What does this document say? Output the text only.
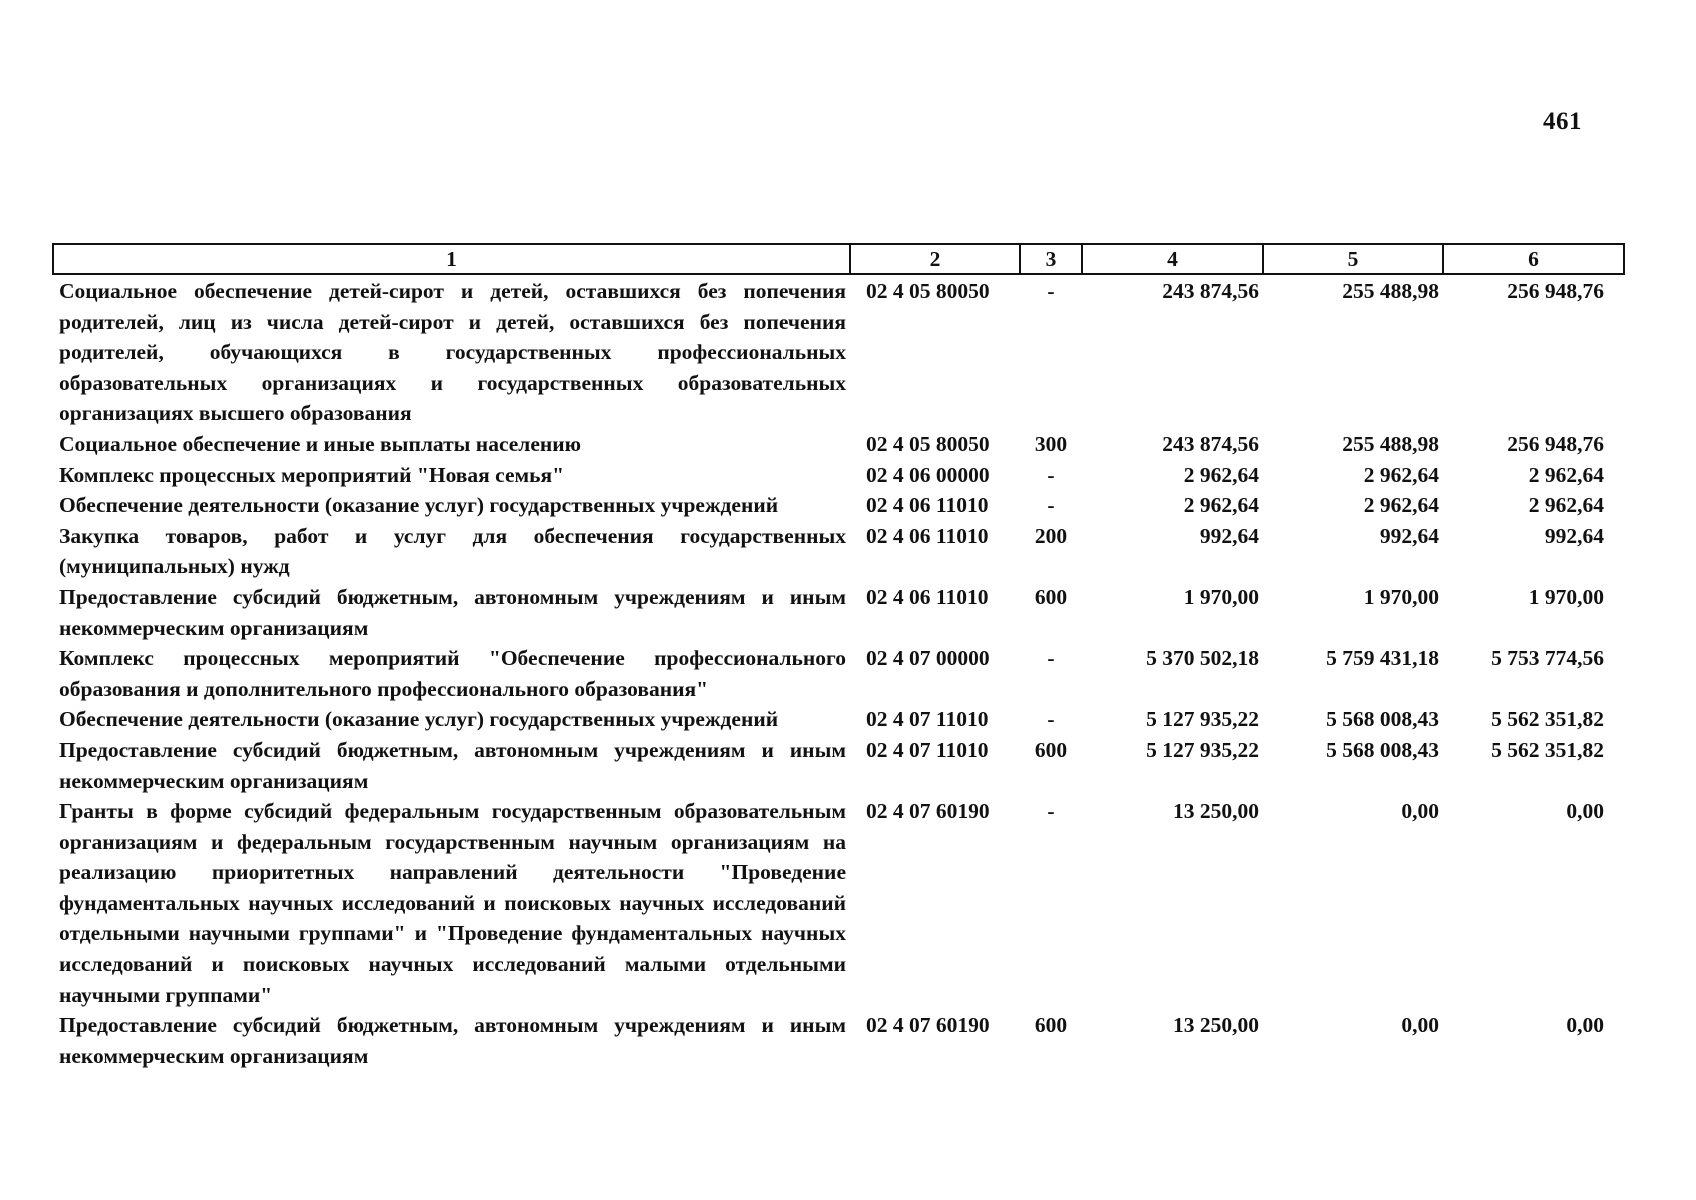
461
1	2	3	4	5	6
Социальное обеспечение детей-сирот и детей, оставшихся без попечения родителей, лиц из числа детей-сирот и детей, оставшихся без попечения родителей, обучающихся в государственных профессиональных образовательных организациях и государственных образовательных организациях высшего образования	02 4 05 80050	-	243 874,56	255 488,98	256 948,76
Социальное обеспечение и иные выплаты населению	02 4 05 80050	300	243 874,56	255 488,98	256 948,76
Комплекс процессных мероприятий "Новая семья"	02 4 06 00000	-	2 962,64	2 962,64	2 962,64
Обеспечение деятельности (оказание услуг) государственных учреждений	02 4 06 11010	-	2 962,64	2 962,64	2 962,64
Закупка товаров, работ и услуг для обеспечения государственных (муниципальных) нужд	02 4 06 11010	200	992,64	992,64	992,64
Предоставление субсидий бюджетным, автономным учреждениям и иным некоммерческим организациям	02 4 06 11010	600	1 970,00	1 970,00	1 970,00
Комплекс процессных мероприятий "Обеспечение профессионального образования и дополнительного профессионального образования"	02 4 07 00000	-	5 370 502,18	5 759 431,18	5 753 774,56
Обеспечение деятельности (оказание услуг) государственных учреждений	02 4 07 11010	-	5 127 935,22	5 568 008,43	5 562 351,82
Предоставление субсидий бюджетным, автономным учреждениям и иным некоммерческим организациям	02 4 07 11010	600	5 127 935,22	5 568 008,43	5 562 351,82
Гранты в форме субсидий федеральным государственным образовательным организациям и федеральным государственным научным организациям на реализацию приоритетных направлений деятельности "Проведение фундаментальных научных исследований и поисковых научных исследований отдельными научными группами" и "Проведение фундаментальных научных исследований и поисковых научных исследований малыми отдельными научными группами"	02 4 07 60190	-	13 250,00	0,00	0,00
Предоставление субсидий бюджетным, автономным учреждениям и иным некоммерческим организациям	02 4 07 60190	600	13 250,00	0,00	0,00
